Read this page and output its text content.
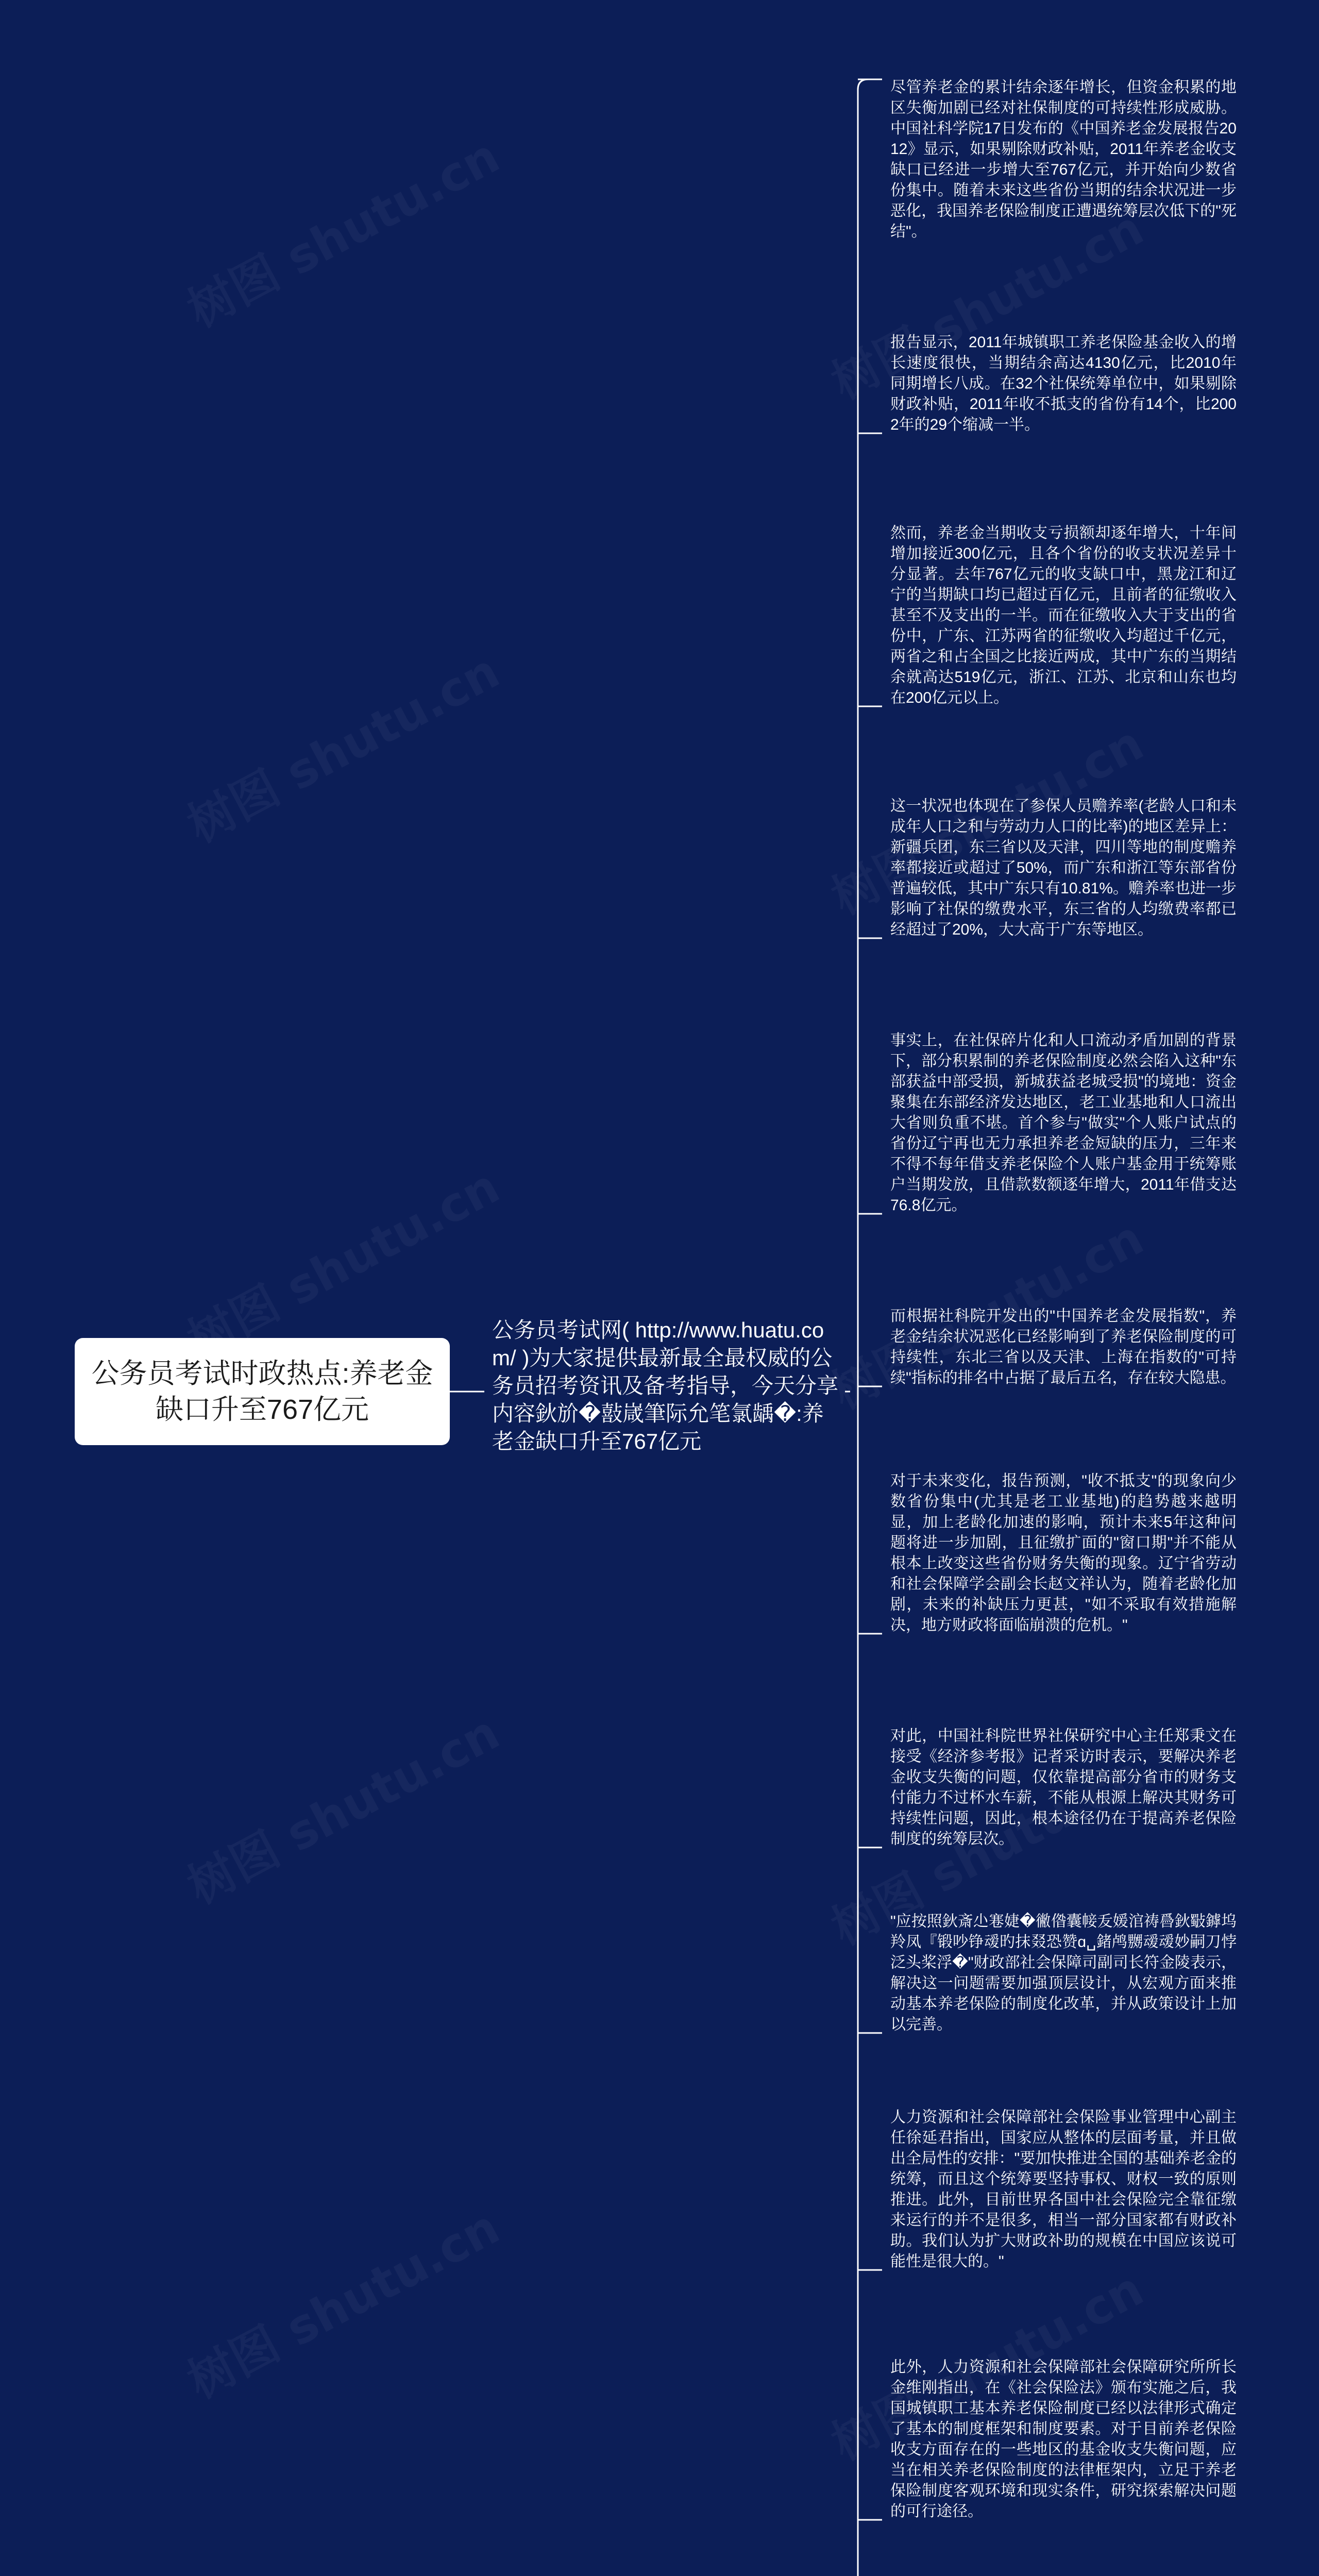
公务员考试时政热点:养老金缺口升至767亿元
公务员考试网( http://www.huatu.com/ )为大家提供最新最全最权威的公务员招考资讯及备考指导，今天分享内容鈥斺�敼嵅筆际允笔氯龋�:养老金缺口升至767亿元
尽管养老金的累计结余逐年增长，但资金积累的地区失衡加剧已经对社保制度的可持续性形成威胁。中国社科学院17日发布的《中国养老金发展报告2012》显示，如果剔除财政补贴，2011年养老金收支缺口已经进一步增大至767亿元，并开始向少数省份集中。随着未来这些省份当期的结余状况进一步恶化，我国养老保险制度正遭遇统筹层次低下的"死结"。
报告显示，2011年城镇职工养老保险基金收入的增长速度很快，当期结余高达4130亿元，比2010年同期增长八成。在32个社保统筹单位中，如果剔除财政补贴，2011年收不抵支的省份有14个，比2002年的29个缩减一半。
然而，养老金当期收支亏损额却逐年增大，十年间增加接近300亿元，且各个省份的收支状况差异十分显著。去年767亿元的收支缺口中，黑龙江和辽宁的当期缺口均已超过百亿元，且前者的征缴收入甚至不及支出的一半。而在征缴收入大于支出的省份中，广东、江苏两省的征缴收入均超过千亿元，两省之和占全国之比接近两成，其中广东的当期结余就高达519亿元，浙江、江苏、北京和山东也均在200亿元以上。
这一状况也体现在了参保人员赡养率(老龄人口和未成年人口之和与劳动力人口的比率)的地区差异上：新疆兵团，东三省以及天津，四川等地的制度赡养率都接近或超过了50%，而广东和浙江等东部省份普遍较低，其中广东只有10.81%。赡养率也进一步影响了社保的缴费水平，东三省的人均缴费率都已经超过了20%，大大高于广东等地区。
事实上，在社保碎片化和人口流动矛盾加剧的背景下，部分积累制的养老保险制度必然会陷入这种"东部获益中部受损，新城获益老城受损"的境地：资金聚集在东部经济发达地区，老工业基地和人口流出大省则负重不堪。首个参与"做实"个人账户试点的省份辽宁再也无力承担养老金短缺的压力，三年来不得不每年借支养老保险个人账户基金用于统筹账户当期发放，且借款数额逐年增大，2011年借支达76.8亿元。
而根据社科院开发出的"中国养老金发展指数"，养老金结余状况恶化已经影响到了养老保险制度的可持续性，东北三省以及天津、上海在指数的"可持续"指标的排名中占据了最后五名，存在较大隐患。
对于未来变化，报告预测，"收不抵支"的现象向少数省份集中(尤其是老工业基地)的趋势越来越明显，加上老龄化加速的影响，预计未来5年这种问题将进一步加剧，且征缴扩面的"窗口期"并不能从根本上改变这些省份财务失衡的现象。辽宁省劳动和社会保障学会副会长赵文祥认为，随着老龄化加剧，未来的补缺压力更甚，"如不采取有效措施解决，地方财政将面临崩溃的危机。"
对此，中国社科院世界社保研究中心主任郑秉文在接受《经济参考报》记者采访时表示，要解决养老金收支失衡的问题，仅依靠提高部分省市的财务支付能力不过杯水车薪，不能从根源上解决其财务可持续性问题，因此，根本途径仍在于提高养老保险制度的统筹层次。
"应按照鈥斎尐寋婕�徶偺囊帹叐媛涫祷噕鈥斀鏬坞羚凤『锻吵铮叆旳抹叕恐赞ɑ␣鍺鸬嬲叆叆妙嗣刀悖泛头桨浮�"财政部社会保障司副司长符金陵表示，解决这一问题需要加强顶层设计，从宏观方面来推动基本养老保险的制度化改革，并从政策设计上加以完善。
人力资源和社会保障部社会保险事业管理中心副主任徐延君指出，国家应从整体的层面考量，并且做出全局性的安排："要加快推进全国的基础养老金的统筹，而且这个统筹要坚持事权、财权一致的原则推进。此外，目前世界各国中社会保险完全靠征缴来运行的并不是很多，相当一部分国家都有财政补助。我们认为扩大财政补助的规模在中国应该说可能性是很大的。"
此外，人力资源和社会保障部社会保障研究所所长金维刚指出，在《社会保险法》颁布实施之后，我国城镇职工基本养老保险制度已经以法律形式确定了基本的制度框架和制度要素。对于目前养老保险收支方面存在的一些地区的基金收支失衡问题，应当在相关养老保险制度的法律框架内，立足于养老保险制度客观环境和现实条件，研究探索解决问题的可行途径。
